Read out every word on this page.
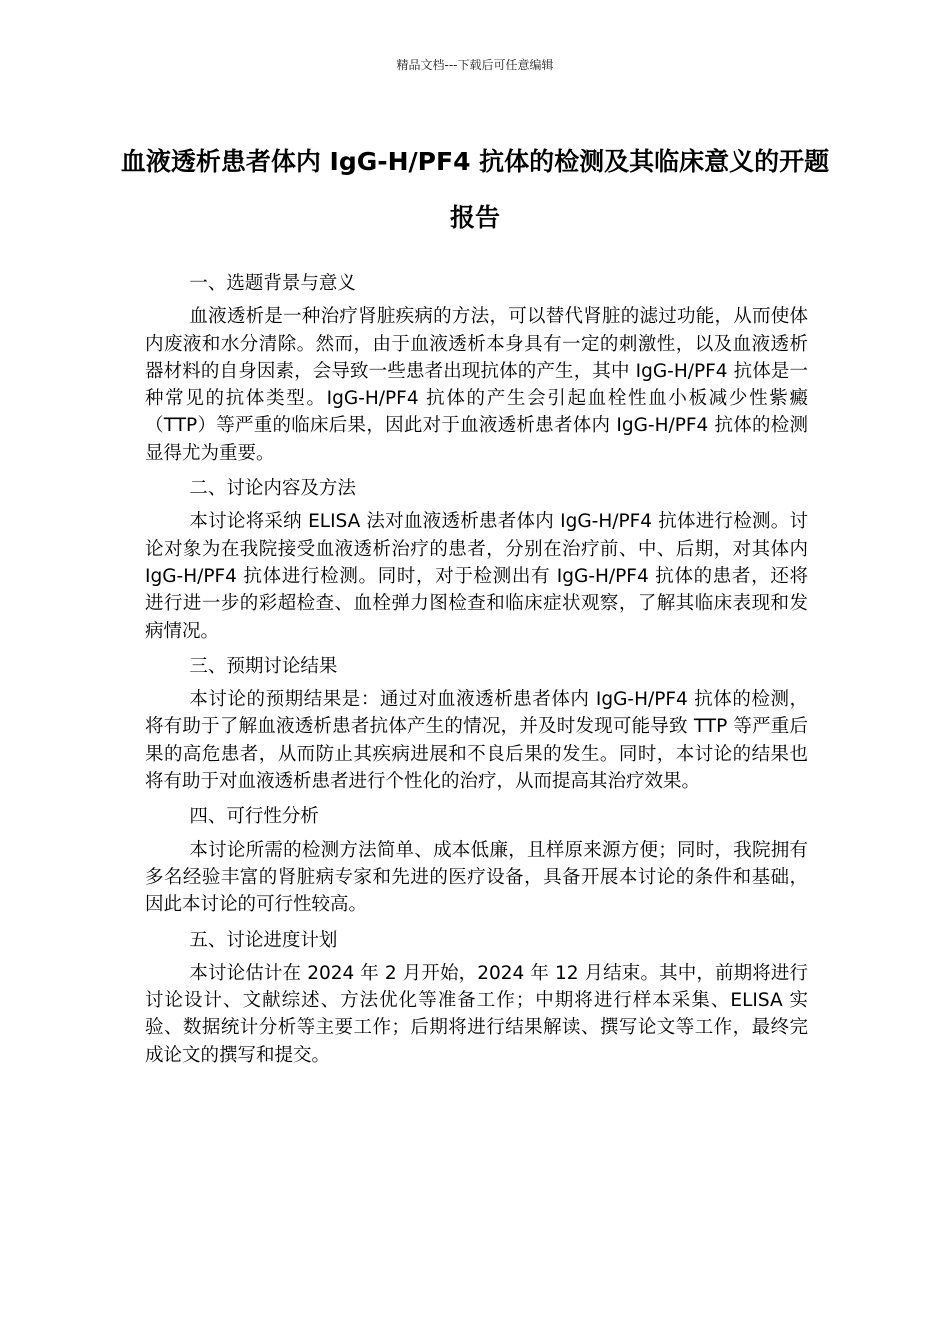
精品文档---下载后可任意编辑
血液透析患者体内 IgG-H/PF4 抗体的检测及其临床意义的开题报告
一、选题背景与意义
血液透析是一种治疗肾脏疾病的方法，可以替代肾脏的滤过功能，从而使体内废液和水分清除。然而，由于血液透析本身具有一定的刺激性，以及血液透析器材料的自身因素，会导致一些患者出现抗体的产生，其中 IgG-H/PF4 抗体是一种常见的抗体类型。IgG-H/PF4 抗体的产生会引起血栓性血小板减少性紫癜（TTP）等严重的临床后果，因此对于血液透析患者体内 IgG-H/PF4 抗体的检测显得尤为重要。
二、讨论内容及方法
本讨论将采纳 ELISA 法对血液透析患者体内 IgG-H/PF4 抗体进行检测。讨论对象为在我院接受血液透析治疗的患者，分别在治疗前、中、后期，对其体内 IgG-H/PF4 抗体进行检测。同时，对于检测出有 IgG-H/PF4 抗体的患者，还将进行进一步的彩超检查、血栓弹力图检查和临床症状观察，了解其临床表现和发病情况。
三、预期讨论结果
本讨论的预期结果是：通过对血液透析患者体内 IgG-H/PF4 抗体的检测，将有助于了解血液透析患者抗体产生的情况，并及时发现可能导致 TTP 等严重后果的高危患者，从而防止其疾病进展和不良后果的发生。同时，本讨论的结果也将有助于对血液透析患者进行个性化的治疗，从而提高其治疗效果。
四、可行性分析
本讨论所需的检测方法简单、成本低廉，且样原来源方便；同时，我院拥有多名经验丰富的肾脏病专家和先进的医疗设备，具备开展本讨论的条件和基础，因此本讨论的可行性较高。
五、讨论进度计划
本讨论估计在 2024 年 2 月开始，2024 年 12 月结束。其中，前期将进行讨论设计、文献综述、方法优化等准备工作；中期将进行样本采集、ELISA 实验、数据统计分析等主要工作；后期将进行结果解读、撰写论文等工作，最终完成论文的撰写和提交。
